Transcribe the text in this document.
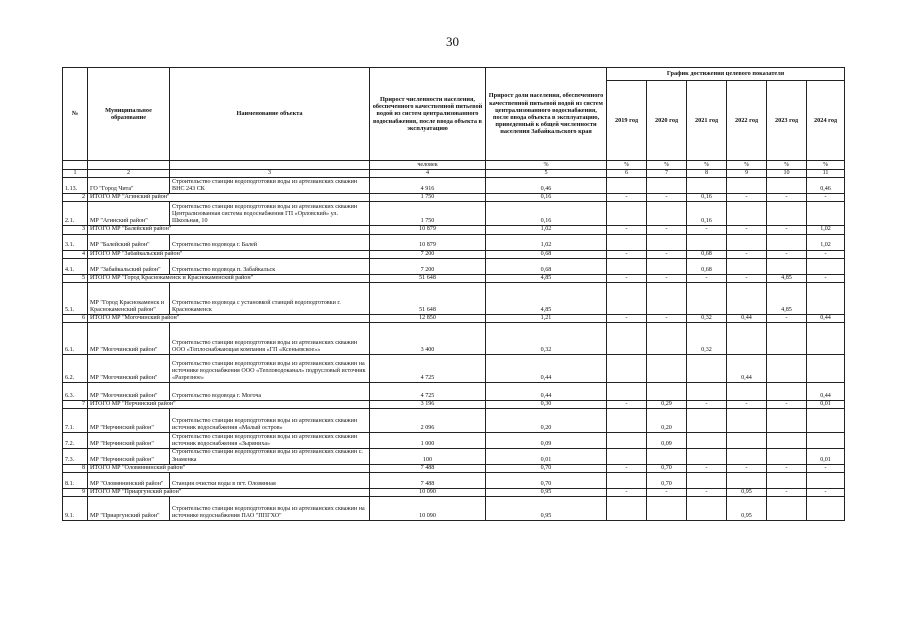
30
№	Муниципальное образование	Наименование объекта	Прирост численности населения, обеспеченного качественной питьевой водой из систем централизованного водоснабжения, после ввода объекта в эксплуатацию	Прирост доли населения, обеспеченного качественной питьевой водой из систем централизованного водоснабжения, после ввода объекта в эксплуатацию, приведенный к общей численности населения Забайкальского края	График достижения целевого показателя					
					2019 год	2020 год	2021 год	2022 год	2023 год	2024 год
			человек	%	%	%	%	%	%	%
1	2	3	4	5	6	7	8	9	10	11
1.13.	ГО "Город Чита"	Строительство станции водоподготовки воды из артезианских скважин ВНС 243 СК	4 916	0,46						0,46
2	ИТОГО МР "Агинский район"		1 750	0,16	-	-	0,16	-	-	-
2.1.	МР "Агинский район"	Строительство станции водоподготовки воды из артезианских скважин Централизованная система водоснабжения ГП «Орловский» ул. Школьная, 10	1 750	0,16			0,16			
3	ИТОГО МР "Балейский район"		10 879	1,02	-	-	-	-	-	1,02
3.1.	МР "Балейский район"	Строительство водовода г. Балей	10 879	1,02						1,02
4	ИТОГО МР "Забайкальский район"		7 200	0,68	-	-	0,68	-	-	-
4.1.	МР "Забайкальский район"	Строительство водовода п. Забайкальск	7 200	0,68			0,68			
5	ИТОГО МР "Город Краснокаменск и Краснокаменский район"		51 648	4,85	-	-	-	-	4,85	-
5.1.	МР "Город Краснокаменск и Краснокаменский район"	Строительство водовода с установкой станций водоподготовки г. Краснокаменск	51 648	4,85					4,85	
6	ИТОГО МР "Могочинский район"		12 850	1,21	-	-	0,32	0,44	-	0,44
6.1.	МР "Могочинский район"	Строительство станции водоподготовки воды из артезианских скважин ООО «Теплоснабжающая компания «ГП «Ксеньевское»»	3 400	0,32			0,32			
6.2.	МР "Могочинский район"	Строительство станции водоподготовки воды из артезианских скважин на источнике водоснабжения ООО «Тепловодоканал» подрусловый источник «Разрезное»	4 725	0,44				0,44		
6.3.	МР "Могочинский район"	Строительство водовода г. Могоча	4 725	0,44						0,44
7	ИТОГО МР "Нерчинский район"		3 196	0,30	-	0,29	-	-	-	0,01
7.1.	МР "Нерчинский район"	Строительство станции водоподготовки воды из артезианских скважин источник водоснабжения «Малый остров»	2 096	0,20		0,20				
7.2.	МР "Нерчинский район"	Строительство станции водоподготовки воды из артезианских скважин источник водоснабжения «Зыряниха»	1 000	0,09		0,09				
7.3.	МР "Нерчинский район"	Строительство станции водоподготовки воды из артезианских скважин с. Знаменка	100	0,01						0,01
8	ИТОГО МР "Оловяннинский район"		7 488	0,70	-	0,70	-	-	-	-
8.1.	МР "Оловяннинский район"	Станция очистки воды в пгт. Оловянная	7 488	0,70		0,70				
9	ИТОГО МР "Приаргунский район"		10 090	0,95	-	-	-	0,95	-	-
9.1.	МР "Приаргунский район"	Строительство станции водоподготовки воды из артезианских скважин на источнике водоснабжения ПАО "ППГХО"	10 090	0,95				0,95		
